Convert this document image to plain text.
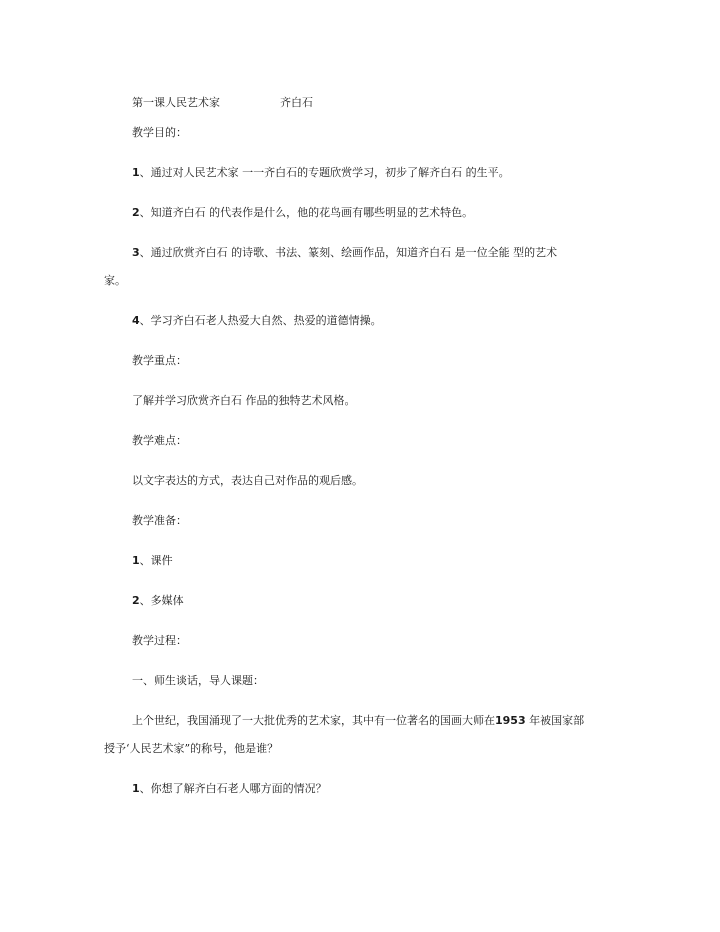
第一课人民艺术家	齐白石
教学目的：
1、通过对人民艺术家 一一齐白石的专题欣赏学习，初步了解齐白石 的生平。
2、知道齐白石 的代表作是什么，他的花鸟画有哪些明显的艺术特色。
3、通过欣赏齐白石 的诗歌、书法、篆刻、绘画作品，知道齐白石 是一位全能 型的艺术
家。
4、学习齐白石老人热爱大自然、热爱的道德情操。
教学重点：
了解并学习欣赏齐白石 作品的独特艺术风格。
教学难点：
以文字表达的方式，表达自己对作品的观后感。
教学准备：
1、课件
2、多媒体
教学过程：
一、师生谈话，导人课题：
上个世纪，我国涌现了一大批优秀的艺术家，其中有一位著名的国画大师在1953 年被国家部
授予‘人民艺术家”的称号，他是谁？
1、你想了解齐白石老人哪方面的情况？
